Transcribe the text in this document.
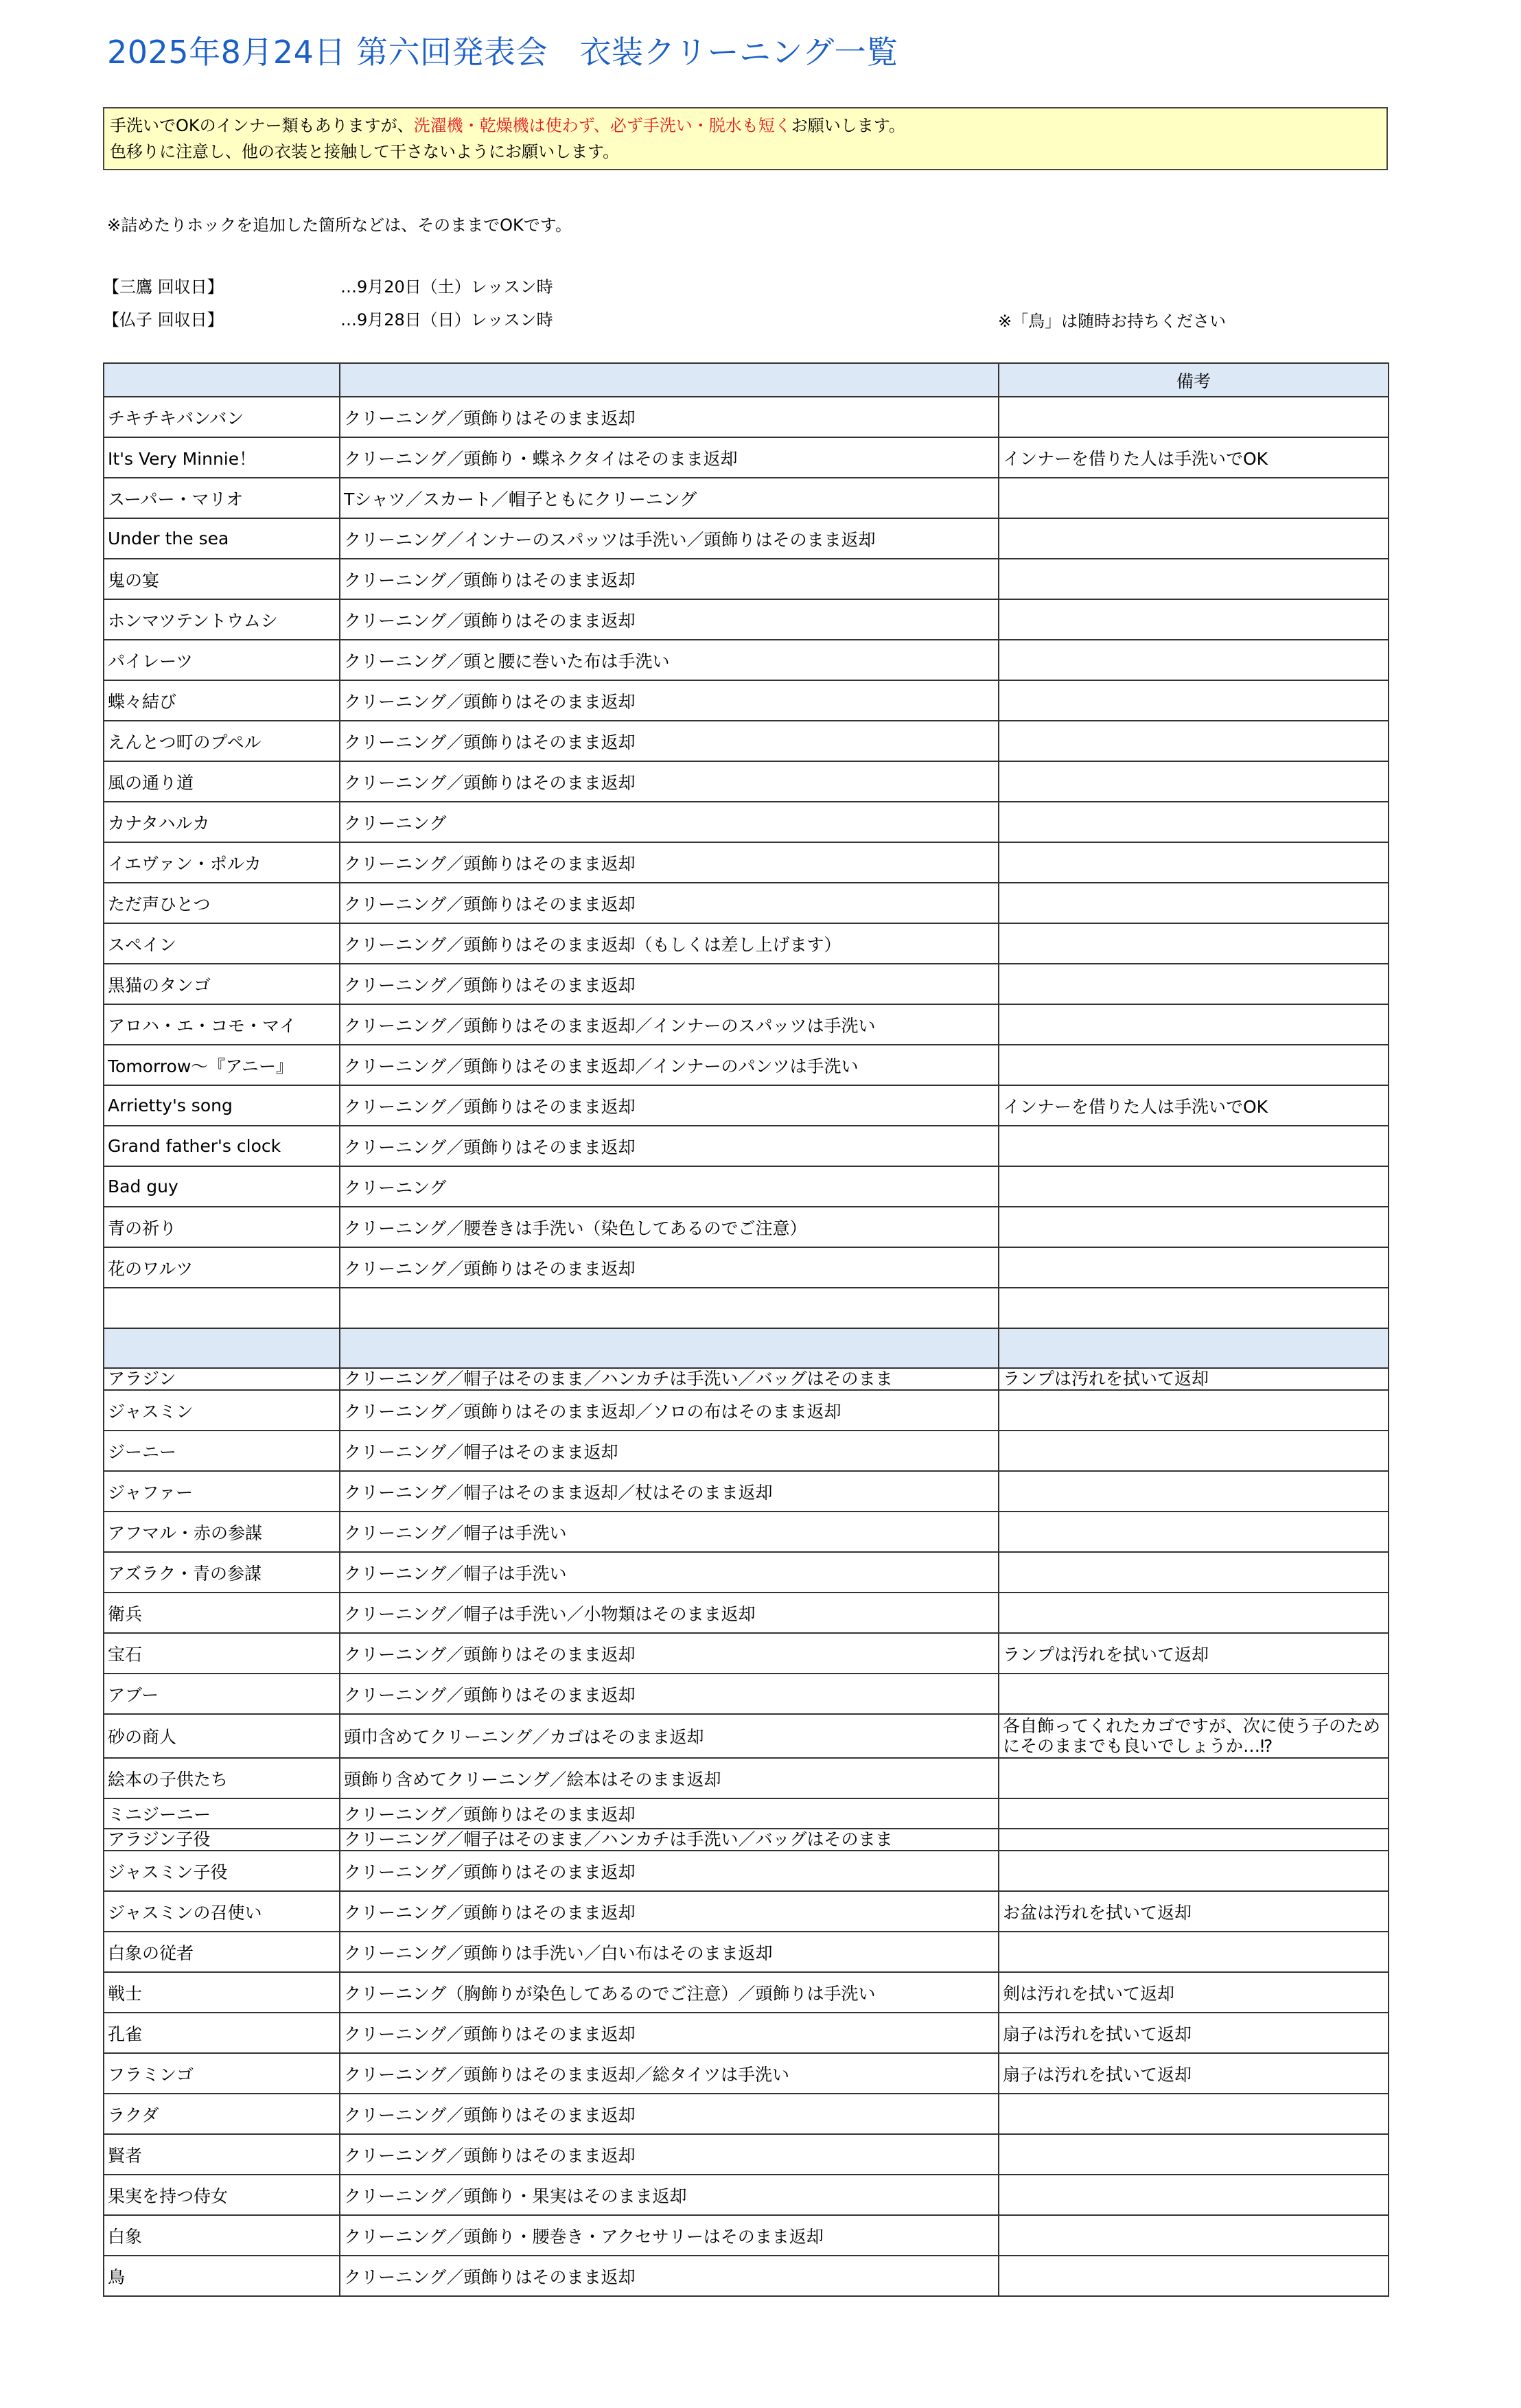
2025年8月24日 第六回発表会　衣装クリーニング一覧
手洗いでOKのインナー類もありますが、洗濯機・乾燥機は使わず、必ず手洗い・脱水も短くお願いします。
色移りに注意し、他の衣装と接触して干さないようにお願いします。
※詰めたりホックを追加した箇所などは、そのままでOKです。
【三鷹 回収日】	…9月20日（土）レッスン時
【仏子 回収日】	…9月28日（日）レッスン時	※「鳥」は随時お持ちください
		備考
チキチキバンバン	クリーニング／頭飾りはそのまま返却	
It's Very Minnie！	クリーニング／頭飾り・蝶ネクタイはそのまま返却	インナーを借りた人は手洗いでOK
スーパー・マリオ	Tシャツ／スカート／帽子ともにクリーニング	
Under the sea	クリーニング／インナーのスパッツは手洗い／頭飾りはそのまま返却	
鬼の宴	クリーニング／頭飾りはそのまま返却	
ホンマツテントウムシ	クリーニング／頭飾りはそのまま返却	
パイレーツ	クリーニング／頭と腰に巻いた布は手洗い	
蝶々結び	クリーニング／頭飾りはそのまま返却	
えんとつ町のプペル	クリーニング／頭飾りはそのまま返却	
風の通り道	クリーニング／頭飾りはそのまま返却	
カナタハルカ	クリーニング	
イエヴァン・ポルカ	クリーニング／頭飾りはそのまま返却	
ただ声ひとつ	クリーニング／頭飾りはそのまま返却	
スペイン	クリーニング／頭飾りはそのまま返却（もしくは差し上げます）	
黒猫のタンゴ	クリーニング／頭飾りはそのまま返却	
アロハ・エ・コモ・マイ	クリーニング／頭飾りはそのまま返却／インナーのスパッツは手洗い	
Tomorrow～『アニー』	クリーニング／頭飾りはそのまま返却／インナーのパンツは手洗い	
Arrietty's song	クリーニング／頭飾りはそのまま返却	インナーを借りた人は手洗いでOK
Grand father's clock	クリーニング／頭飾りはそのまま返却	
Bad guy	クリーニング	
青の祈り	クリーニング／腰巻きは手洗い（染色してあるのでご注意）	
花のワルツ	クリーニング／頭飾りはそのまま返却	

アラジン	クリーニング／帽子はそのまま／ハンカチは手洗い／バッグはそのまま	ランプは汚れを拭いて返却
ジャスミン	クリーニング／頭飾りはそのまま返却／ソロの布はそのまま返却	
ジーニー	クリーニング／帽子はそのまま返却	
ジャファー	クリーニング／帽子はそのまま返却／杖はそのまま返却	
アフマル・赤の参謀	クリーニング／帽子は手洗い	
アズラク・青の参謀	クリーニング／帽子は手洗い	
衛兵	クリーニング／帽子は手洗い／小物類はそのまま返却	
宝石	クリーニング／頭飾りはそのまま返却	ランプは汚れを拭いて返却
アブー	クリーニング／頭飾りはそのまま返却	
砂の商人	頭巾含めてクリーニング／カゴはそのまま返却	各自飾ってくれたカゴですが、次に使う子のためにそのままでも良いでしょうか…⁉
絵本の子供たち	頭飾り含めてクリーニング／絵本はそのまま返却	
ミニジーニー	クリーニング／頭飾りはそのまま返却	
アラジン子役	クリーニング／帽子はそのまま／ハンカチは手洗い／バッグはそのまま	
ジャスミン子役	クリーニング／頭飾りはそのまま返却	
ジャスミンの召使い	クリーニング／頭飾りはそのまま返却	お盆は汚れを拭いて返却
白象の従者	クリーニング／頭飾りは手洗い／白い布はそのまま返却	
戦士	クリーニング（胸飾りが染色してあるのでご注意）／頭飾りは手洗い	剣は汚れを拭いて返却
孔雀	クリーニング／頭飾りはそのまま返却	扇子は汚れを拭いて返却
フラミンゴ	クリーニング／頭飾りはそのまま返却／総タイツは手洗い	扇子は汚れを拭いて返却
ラクダ	クリーニング／頭飾りはそのまま返却	
賢者	クリーニング／頭飾りはそのまま返却	
果実を持つ侍女	クリーニング／頭飾り・果実はそのまま返却	
白象	クリーニング／頭飾り・腰巻き・アクセサリーはそのまま返却	
鳥	クリーニング／頭飾りはそのまま返却	
